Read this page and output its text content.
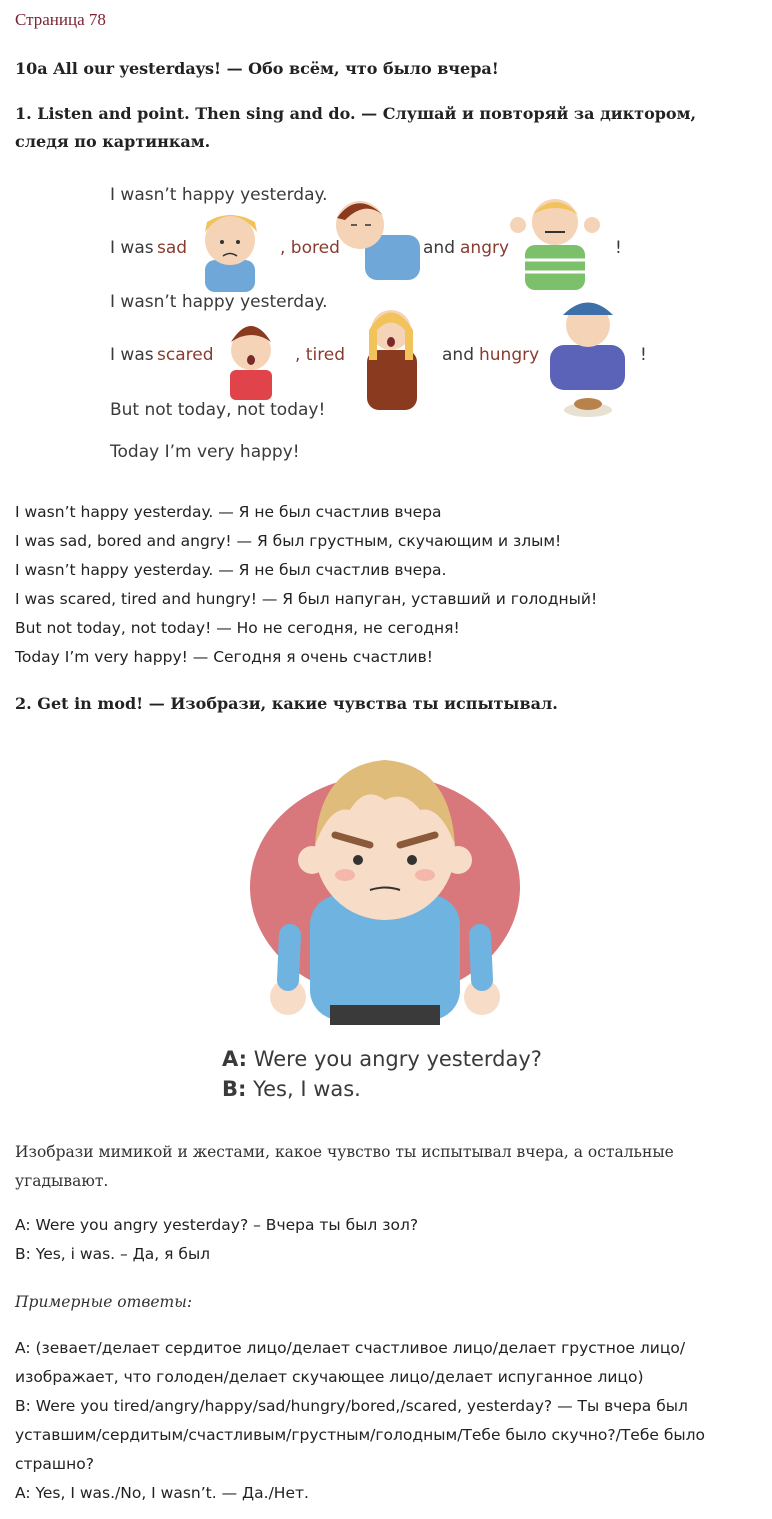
Страница 78
10a All our yesterdays! — Обо всём, что было вчера!
1. Listen and point. Then sing and do. — Слушай и повторяй за диктором, следя по картинкам.
I wasn’t happy yesterday.
I was sad	, bored	and angry	!
I wasn’t happy yesterday.
I was scared	, tired	and hungry	!
But not today, not today!
Today I’m very happy!
I wasn’t happy yesterday. — Я не был счастлив вчера
I was sad, bored and angry! — Я был грустным, скучающим и злым!
I wasn’t happy yesterday. — Я не был счастлив вчера.
I was scared, tired and hungry! — Я был напуган, уставший и голодный!
But not today, not today! — Но не сегодня, не сегодня!
Today I’m very happy! — Сегодня я очень счастлив!
2. Get in mod! — Изобрази, какие чувства ты испытывал.
A: Were you angry yesterday?
B: Yes, I was.
Изобрази мимикой и жестами, какое чувство ты испытывал вчера, а остальные угадывают.
A: Were you angry yesterday? – Вчера ты был зол?
B: Yes, i was. – Да, я был
Примерные ответы:
A: (зевает/делает сердитое лицо/делает счастливое лицо/делает грустное лицо/
изображает, что голоден/делает скучающее лицо/делает испуганное лицо)
B: Were you tired/angry/happy/sad/hungry/bored,/scared, yesterday? — Ты вчера был
уставшим/сердитым/счастливым/грустным/голодным/Тебе было скучно?/Тебе было
страшно?
A: Yes, I was./No, I wasn’t. — Да./Нет.
